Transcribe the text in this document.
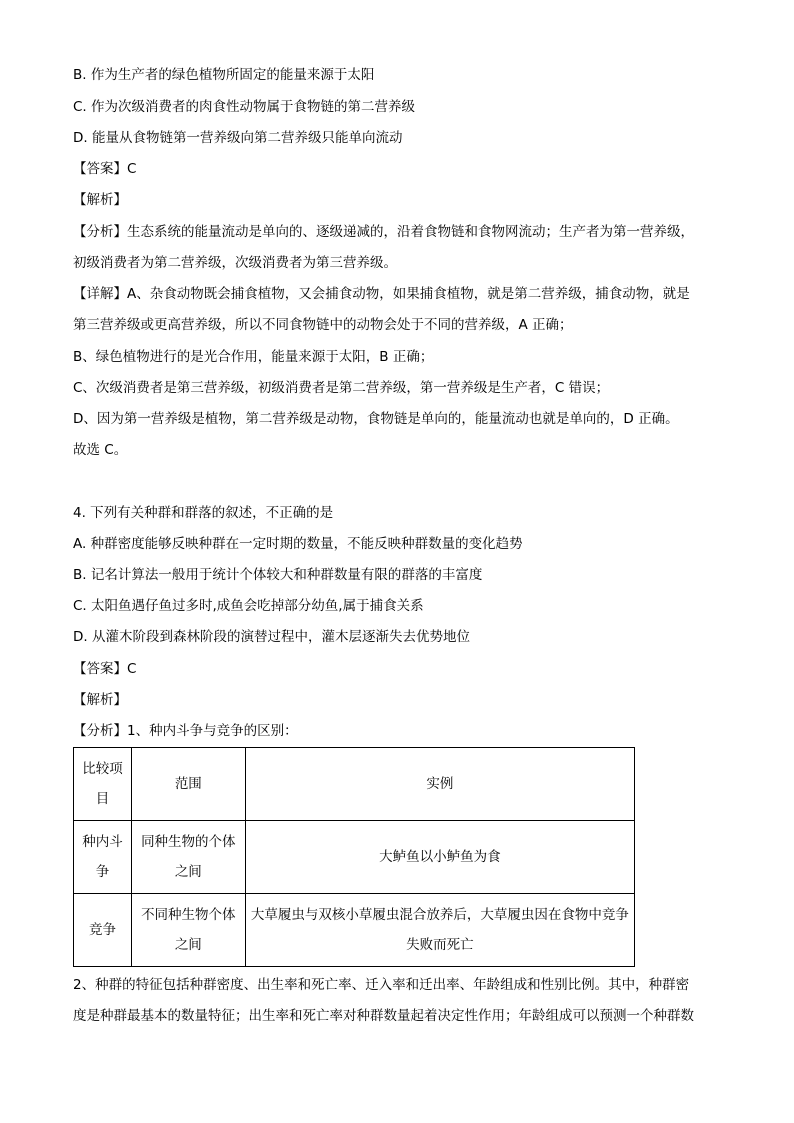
B. 作为生产者的绿色植物所固定的能量来源于太阳
C. 作为次级消费者的肉食性动物属于食物链的第二营养级
D. 能量从食物链第一营养级向第二营养级只能单向流动
【答案】C
【解析】
【分析】生态系统的能量流动是单向的、逐级递减的，沿着食物链和食物网流动；生产者为第一营养级，
初级消费者为第二营养级，次级消费者为第三营养级。
【详解】A、杂食动物既会捕食植物，又会捕食动物，如果捕食植物，就是第二营养级，捕食动物，就是
第三营养级或更高营养级，所以不同食物链中的动物会处于不同的营养级，A 正确；
B、绿色植物进行的是光合作用，能量来源于太阳，B 正确；
C、次级消费者是第三营养级，初级消费者是第二营养级，第一营养级是生产者，C 错误；
D、因为第一营养级是植物，第二营养级是动物，食物链是单向的，能量流动也就是单向的，D 正确。
故选 C。
4. 下列有关种群和群落的叙述，不正确的是
A. 种群密度能够反映种群在一定时期的数量，不能反映种群数量的变化趋势
B. 记名计算法一般用于统计个体较大和种群数量有限的群落的丰富度
C. 太阳鱼遇仔鱼过多时,成鱼会吃掉部分幼鱼,属于捕食关系
D. 从灌木阶段到森林阶段的演替过程中，灌木层逐渐失去优势地位
【答案】C
【解析】
【分析】1、种内斗争与竞争的区别：
比较项目	范围	实例
种内斗争	同种生物的个体之间	大鲈鱼以小鲈鱼为食
竞争	不同种生物个体之间	大草履虫与双核小草履虫混合放养后，大草履虫因在食物中竞争失败而死亡
2、种群的特征包括种群密度、出生率和死亡率、迁入率和迁出率、年龄组成和性别比例。其中，种群密
度是种群最基本的数量特征；出生率和死亡率对种群数量起着决定性作用；年龄组成可以预测一个种群数
